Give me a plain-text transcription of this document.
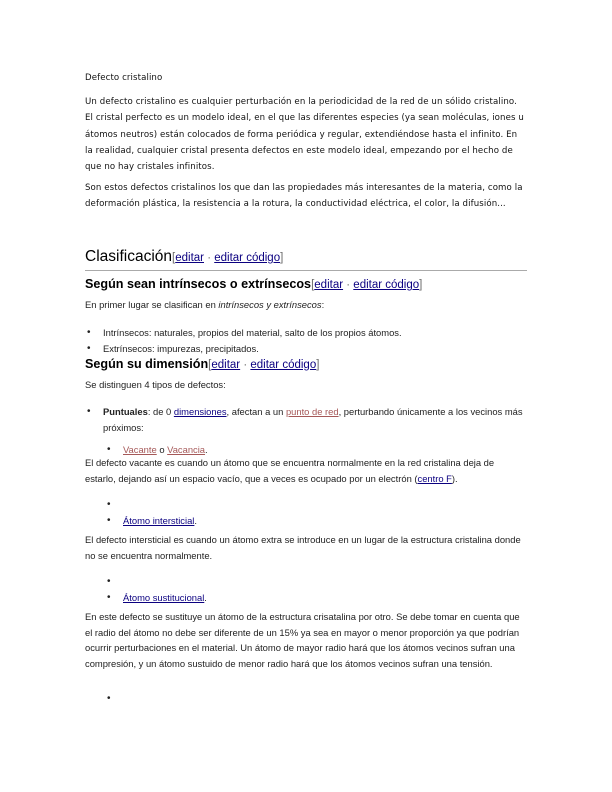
Defecto cristalino
Un defecto cristalino es cualquier perturbación en la periodicidad de la red de un sólido cristalino. El cristal perfecto es un modelo ideal, en el que las diferentes especies (ya sean moléculas, iones u átomos neutros) están colocados de forma periódica y regular, extendiéndose hasta el infinito. En la realidad, cualquier cristal presenta defectos en este modelo ideal, empezando por el hecho de que no hay cristales infinitos.
Son estos defectos cristalinos los que dan las propiedades más interesantes de la materia, como la deformación plástica, la resistencia a la rotura, la conductividad eléctrica, el color, la difusión...
Clasificación[editar · editar código]
Según sean intrínsecos o extrínsecos[editar · editar código]
En primer lugar se clasifican en intrínsecos y extrínsecos:
• Intrínsecos: naturales, propios del material, salto de los propios átomos.
• Extrínsecos: impurezas, precipitados.
Según su dimensión[editar · editar código]
Se distinguen 4 tipos de defectos:
• Puntuales: de 0 dimensiones, afectan a un punto de red, perturbando únicamente a los vecinos más próximos:
• Vacante o Vacancia.
El defecto vacante es cuando un átomo que se encuentra normalmente en la red cristalina deja de estarlo, dejando así un espacio vacío, que a veces es ocupado por un electrón (centro F).
•
• Átomo intersticial.
El defecto intersticial es cuando un átomo extra se introduce en un lugar de la estructura cristalina donde no se encuentra normalmente.
•
• Átomo sustitucional.
En este defecto se sustituye un átomo de la estructura crisatalina por otro. Se debe tomar en cuenta que el radio del átomo no debe ser diferente de un 15% ya sea en mayor o menor proporción ya que podrían ocurrir perturbaciones en el material. Un átomo de mayor radio hará que los átomos vecinos sufran una compresión, y un átomo sustuido de menor radio hará que los átomos vecinos sufran una tensión.
•
